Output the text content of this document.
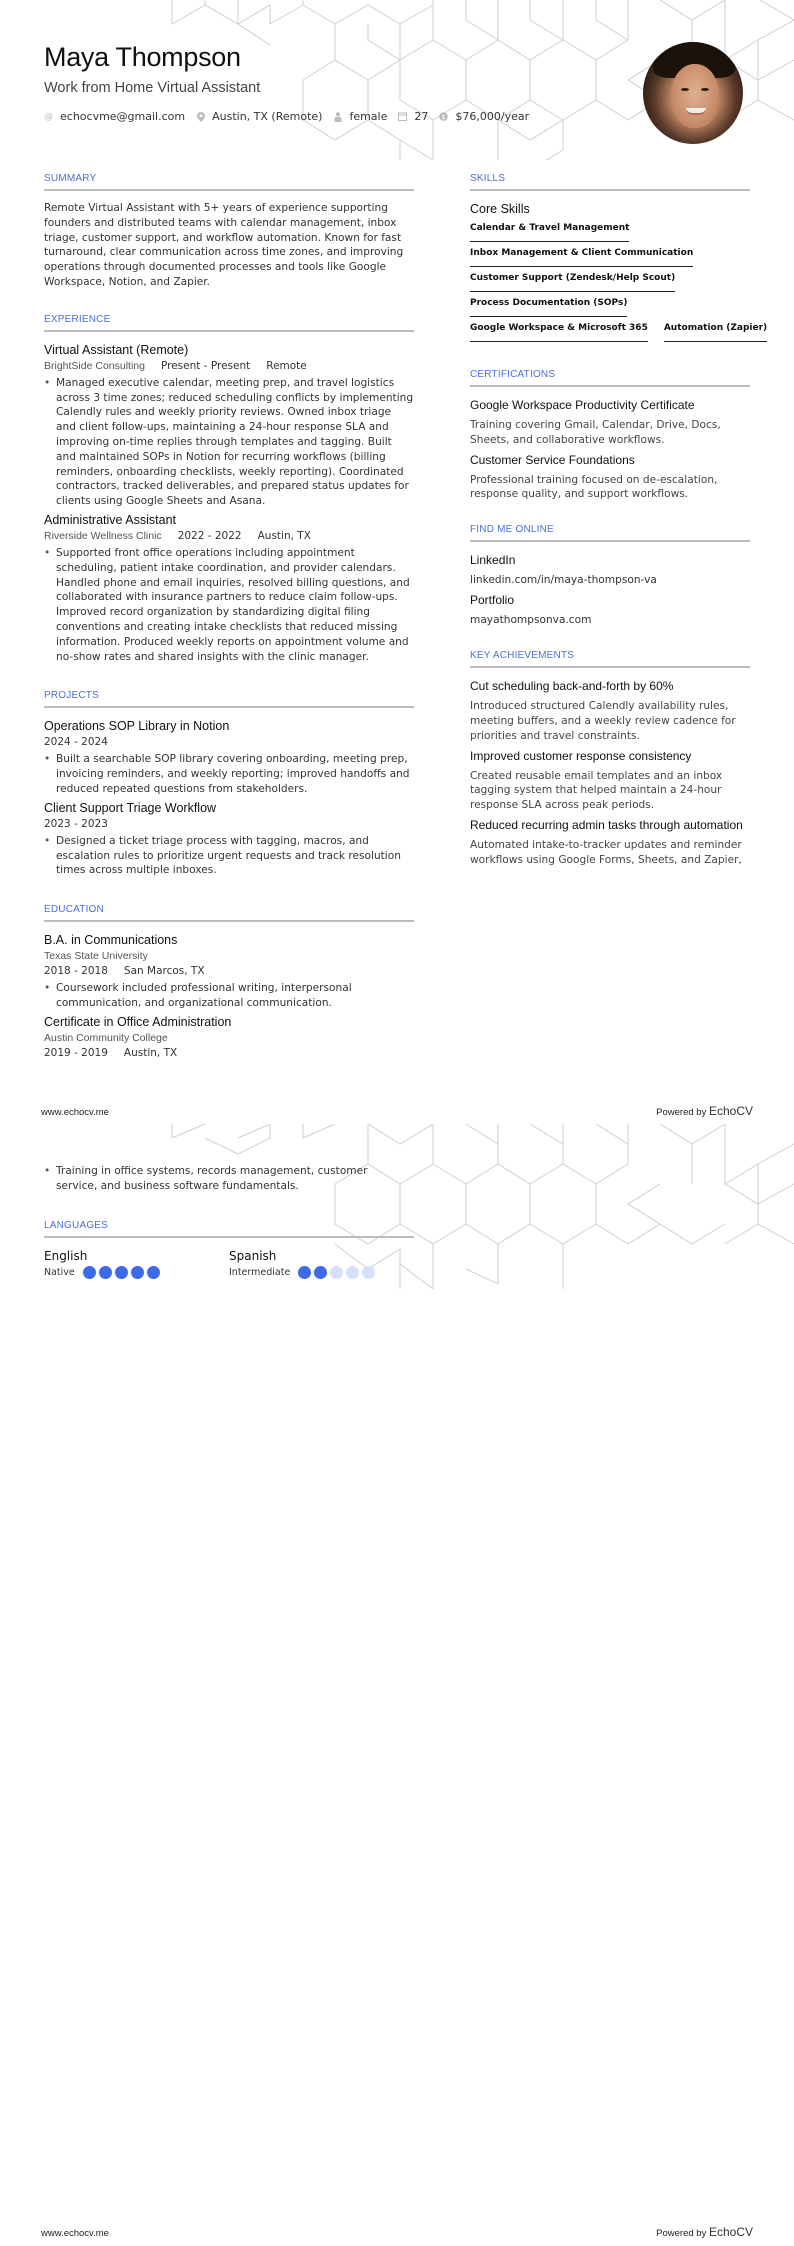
Maya Thompson
Work from Home Virtual Assistant
@ echocvme@gmail.com Austin, TX (Remote) female 27 $ $76,000/year
SUMMARY

Remote Virtual Assistant with 5+ years of experience supporting founders and distributed teams with calendar management, inbox triage, customer support, and workflow automation. Known for fast turnaround, clear communication across time zones, and improving operations through documented processes and tools like Google Workspace, Notion, and Zapier.

EXPERIENCE
Virtual Assistant (Remote)
BrightSide Consulting Present - Present Remote
• Managed executive calendar, meeting prep, and travel logistics across 3 time zones; reduced scheduling conflicts by implementing Calendly rules and weekly priority reviews. Owned inbox triage and client follow-ups, maintaining a 24-hour response SLA and improving on-time replies through templates and tagging. Built and maintained SOPs in Notion for recurring workflows (billing reminders, onboarding checklists, weekly reporting). Coordinated contractors, tracked deliverables, and prepared status updates for clients using Google Sheets and Asana.
Administrative Assistant
Riverside Wellness Clinic 2022 - 2022 Austin, TX
• Supported front office operations including appointment scheduling, patient intake coordination, and provider calendars. Handled phone and email inquiries, resolved billing questions, and collaborated with insurance partners to reduce claim follow-ups. Improved record organization by standardizing digital filing conventions and creating intake checklists that reduced missing information. Produced weekly reports on appointment volume and no-show rates and shared insights with the clinic manager.
PROJECTS
Operations SOP Library in Notion
2024 - 2024
• Built a searchable SOP library covering onboarding, meeting prep, invoicing reminders, and weekly reporting; improved handoffs and reduced repeated questions from stakeholders.
Client Support Triage Workflow
2023 - 2023
• Designed a ticket triage process with tagging, macros, and escalation rules to prioritize urgent requests and track resolution times across multiple inboxes.
EDUCATION
B.A. in Communications
Texas State University
2018 - 2018 San Marcos, TX
• Coursework included professional writing, interpersonal communication, and organizational communication.
Certificate in Office Administration
Austin Community College
2019 - 2019 Austin, TX
SKILLS
Core Skills
Calendar & Travel Management
Inbox Management & Client Communication
Customer Support (Zendesk/Help Scout)
Process Documentation (SOPs)
Google Workspace & Microsoft 365 Automation (Zapier)
CERTIFICATIONS
Google Workspace Productivity Certificate
Training covering Gmail, Calendar, Drive, Docs, Sheets, and collaborative workflows.
Customer Service Foundations
Professional training focused on de-escalation, response quality, and support workflows.
FIND ME ONLINE
LinkedIn
linkedin.com/in/maya-thompson-va
Portfolio
mayathompsonva.com
KEY ACHIEVEMENTS
Cut scheduling back-and-forth by 60%
Introduced structured Calendly availability rules, meeting buffers, and a weekly review cadence for priorities and travel constraints.
Improved customer response consistency
Created reusable email templates and an inbox tagging system that helped maintain a 24-hour response SLA across peak periods.
Reduced recurring admin tasks through automation
Automated intake-to-tracker updates and reminder workflows using Google Forms, Sheets, and Zapier,
www.echocv.me	Powered by EchoCV
• Training in office systems, records management, customer service, and business software fundamentals.
LANGUAGES
English
Native
Spanish
Intermediate
www.echocv.me	Powered by EchoCV
